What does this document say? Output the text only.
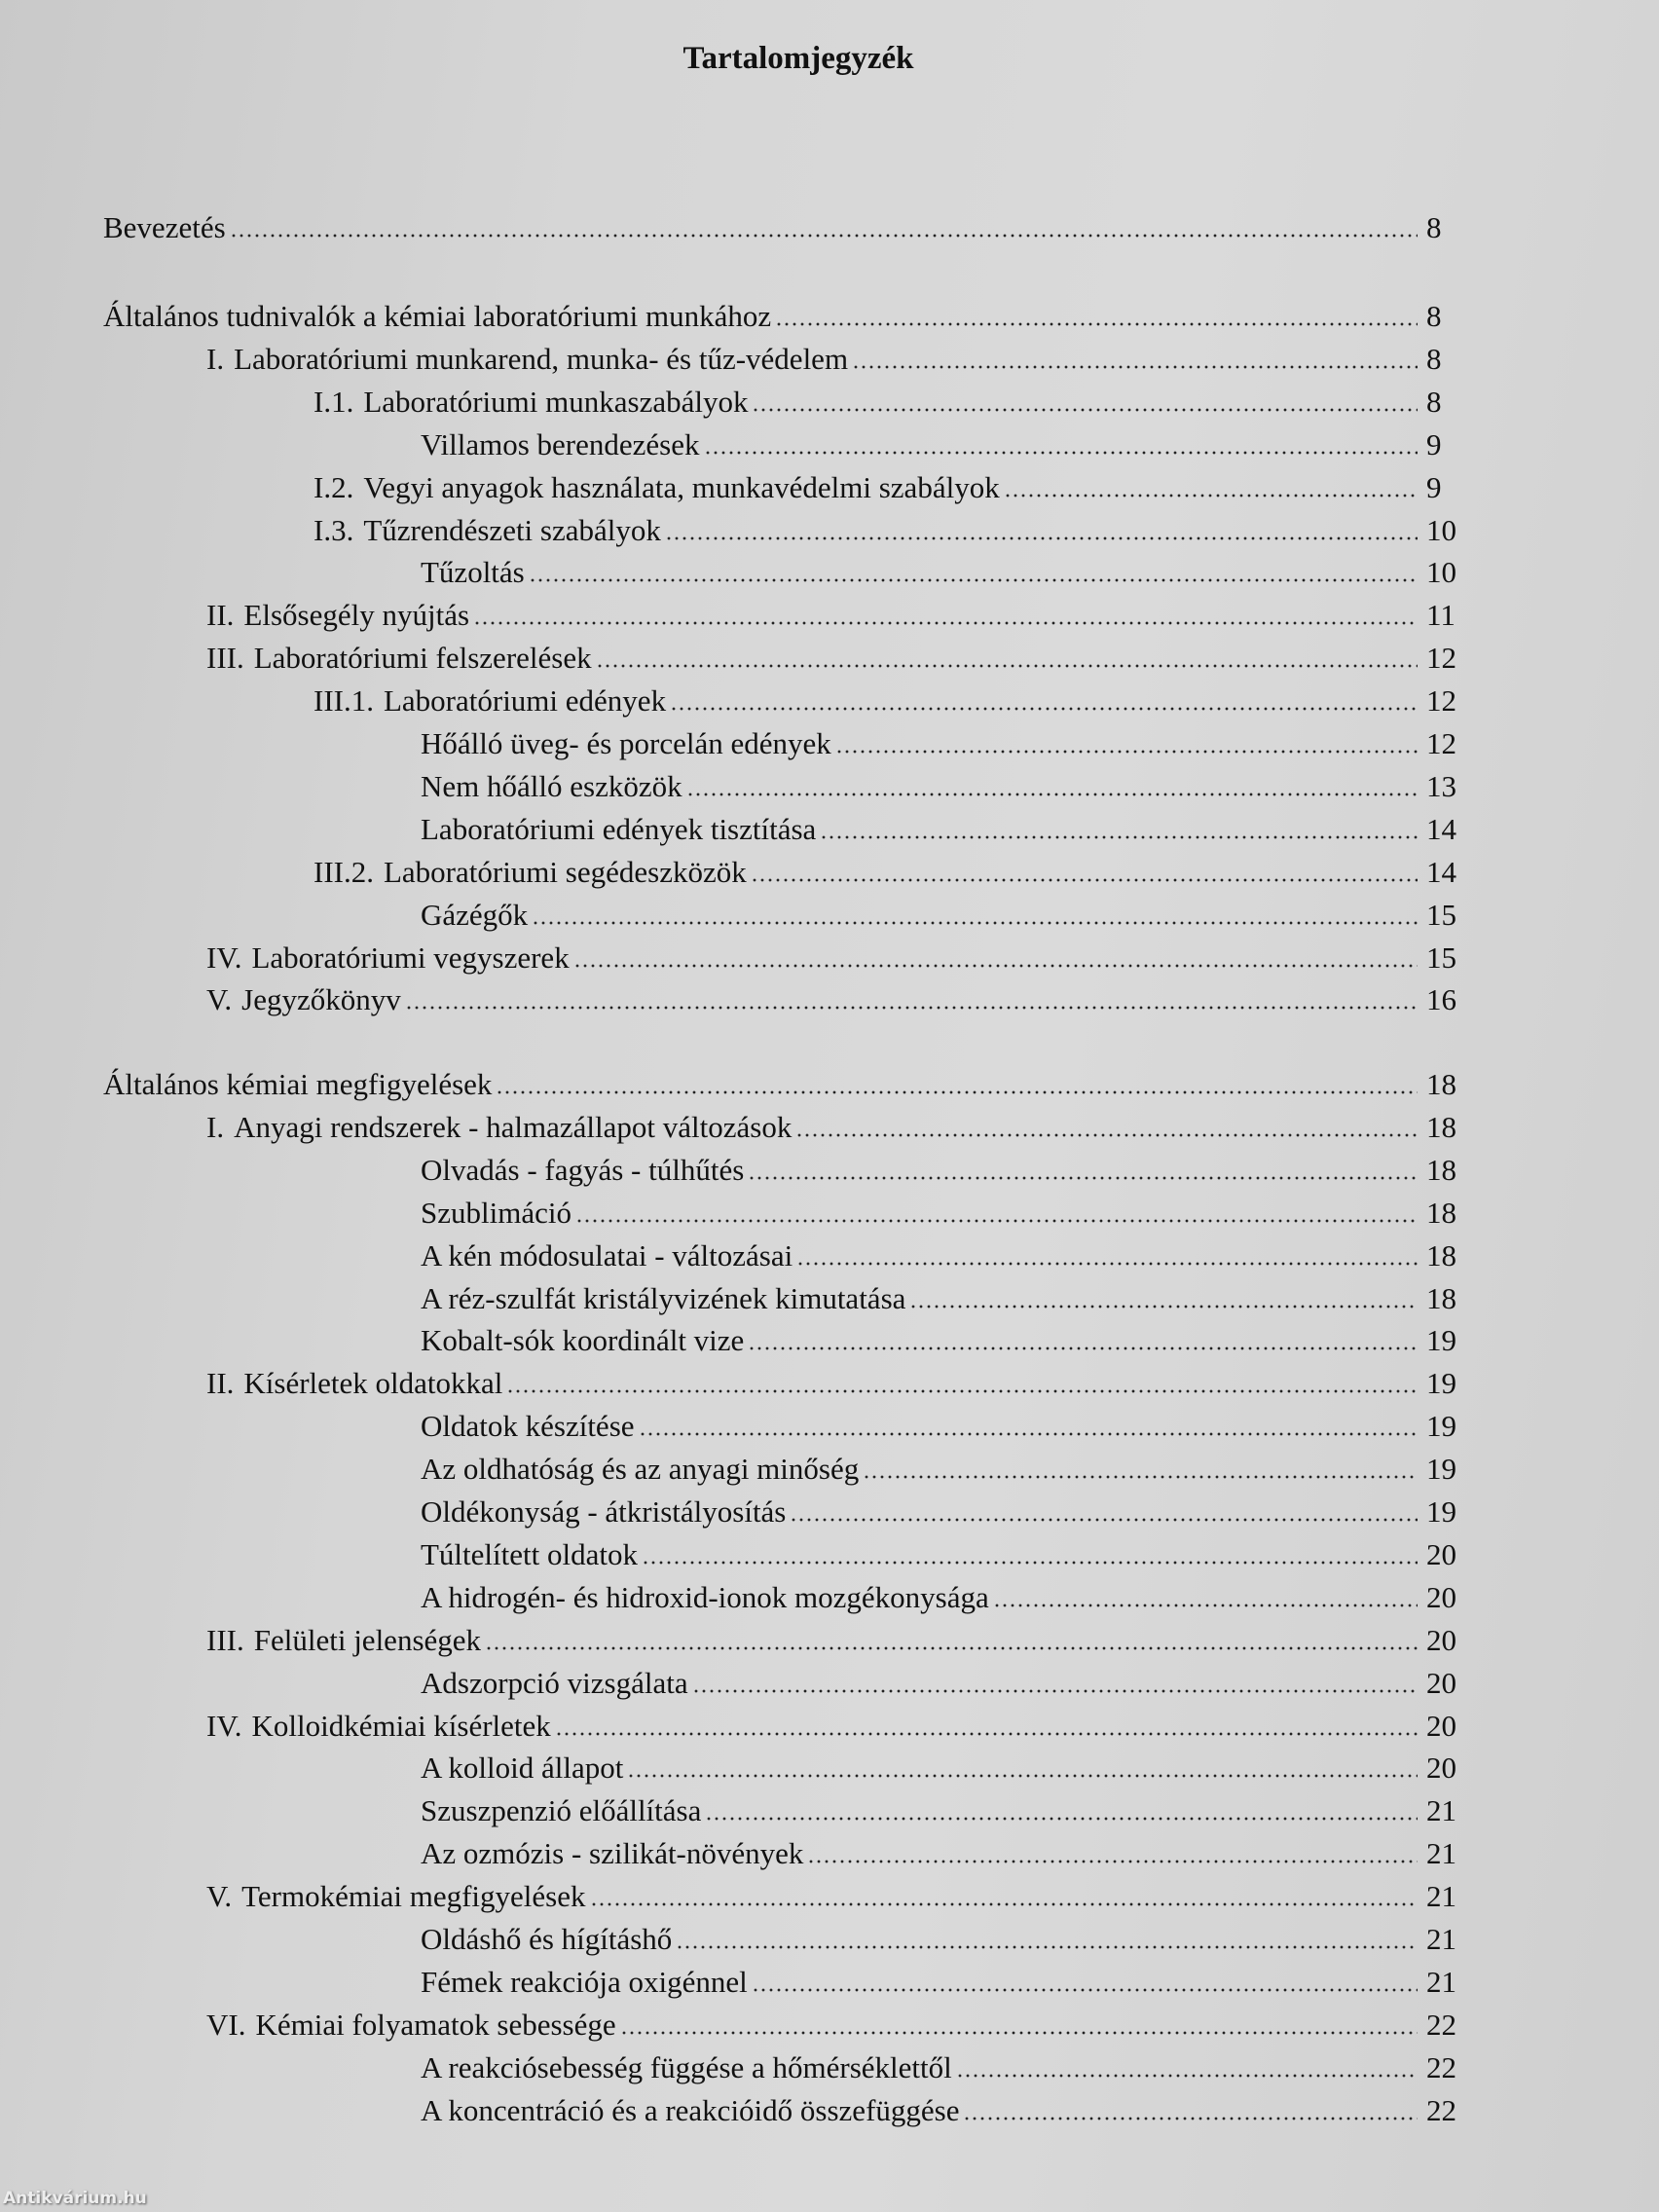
Tartalomjegyzék
Bevezetés	8
Általános tudnivalók a kémiai laboratóriumi munkához	8
I. Laboratóriumi munkarend, munka- és tűz-védelem	8
I.1. Laboratóriumi munkaszabályok	8
Villamos berendezések	9
I.2. Vegyi anyagok használata, munkavédelmi szabályok	9
I.3. Tűzrendészeti szabályok	10
Tűzoltás	10
II. Elsősegély nyújtás	11
III. Laboratóriumi felszerelések	12
III.1. Laboratóriumi edények	12
Hőálló üveg- és porcelán edények	12
Nem hőálló eszközök	13
Laboratóriumi edények tisztítása	14
III.2. Laboratóriumi segédeszközök	14
Gázégők	15
IV. Laboratóriumi vegyszerek	15
V. Jegyzőkönyv	16
Általános kémiai megfigyelések	18
I. Anyagi rendszerek - halmazállapot változások	18
Olvadás - fagyás - túlhűtés	18
Szublimáció	18
A kén módosulatai - változásai	18
A réz-szulfát kristályvizének kimutatása	18
Kobalt-sók koordinált vize	19
II. Kísérletek oldatokkal	19
Oldatok készítése	19
Az oldhatóság és az anyagi minőség	19
Oldékonyság - átkristályosítás	19
Túltelített oldatok	20
A hidrogén- és hidroxid-ionok mozgékonysága	20
III. Felületi jelenségek	20
Adszorpció vizsgálata	20
IV. Kolloidkémiai kísérletek	20
A kolloid állapot	20
Szuszpenzió előállítása	21
Az ozmózis - szilikát-növények	21
V. Termokémiai megfigyelések	21
Oldáshő és hígításhő	21
Fémek reakciója oxigénnel	21
VI. Kémiai folyamatok sebessége	22
A reakciósebesség függése a hőmérséklettől	22
A koncentráció és a reakcióidő összefüggése	22
Antikvárium.hu
